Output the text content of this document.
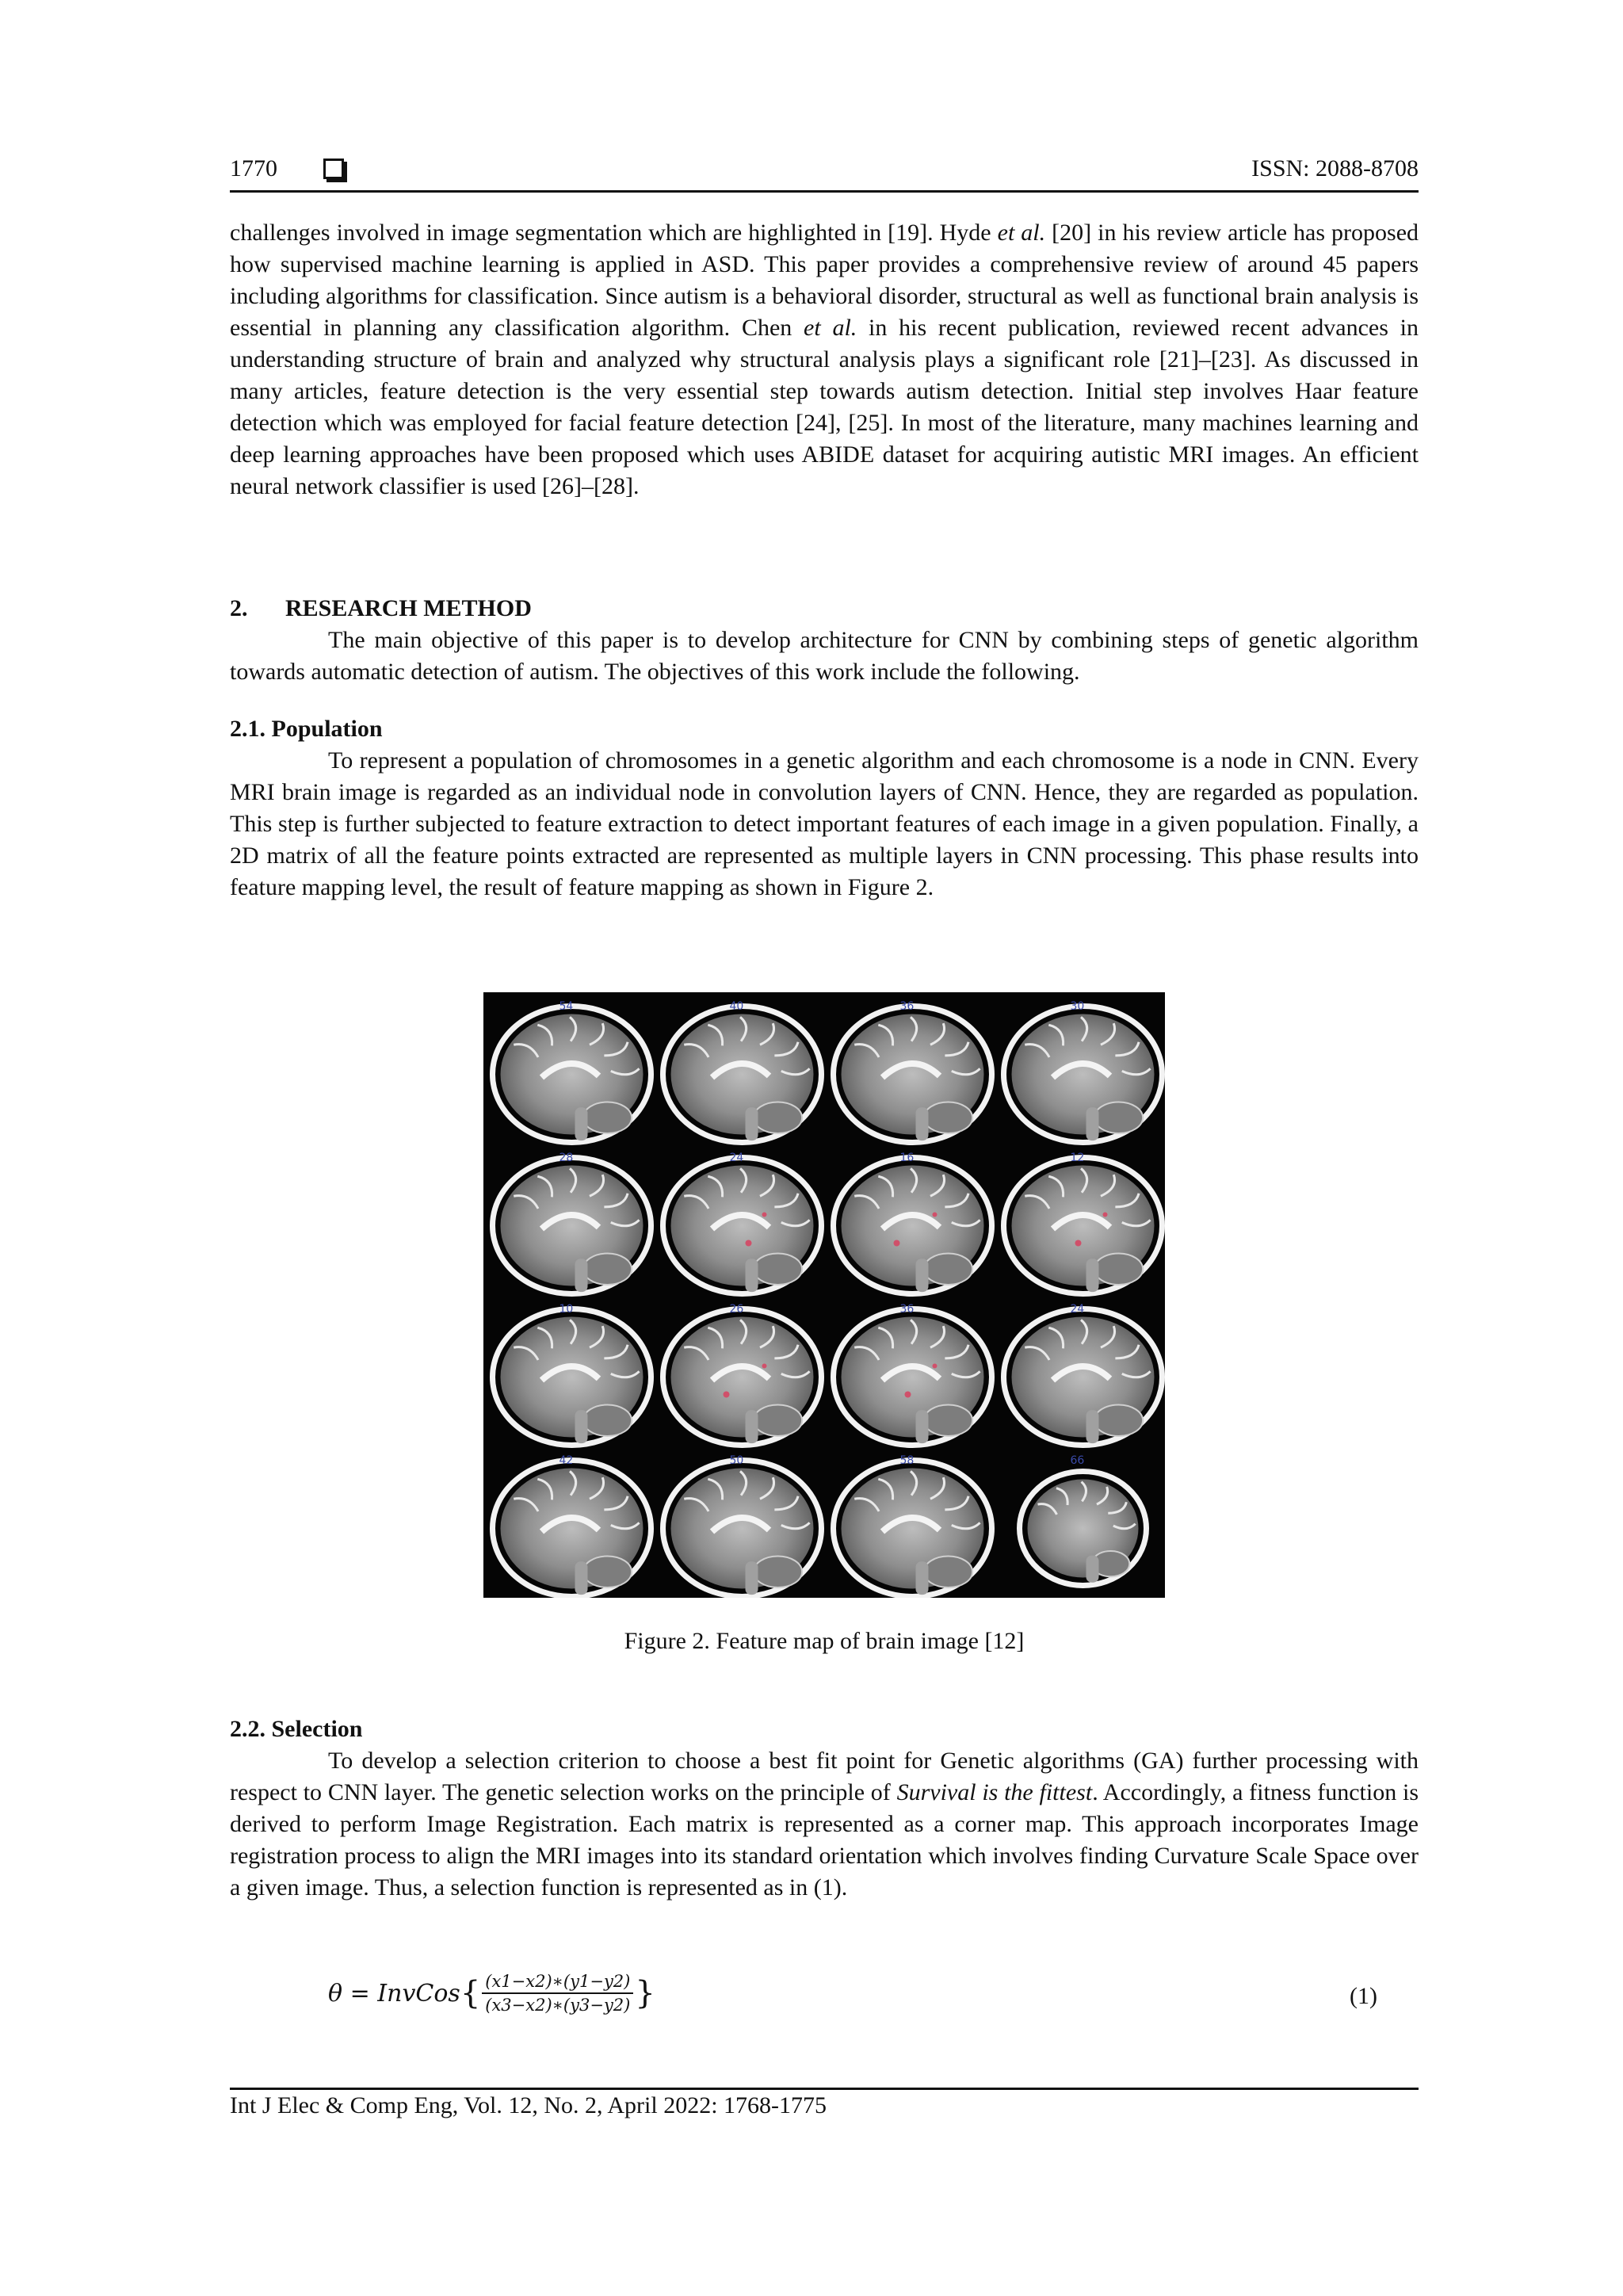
1770	ISSN: 2088-8708
challenges involved in image segmentation which are highlighted in [19]. Hyde et al. [20] in his review article has proposed how supervised machine learning is applied in ASD. This paper provides a comprehensive review of around 45 papers including algorithms for classification. Since autism is a behavioral disorder, structural as well as functional brain analysis is essential in planning any classification algorithm. Chen et al. in his recent publication, reviewed recent advances in understanding structure of brain and analyzed why structural analysis plays a significant role [21]–[23]. As discussed in many articles, feature detection is the very essential step towards autism detection. Initial step involves Haar feature detection which was employed for facial feature detection [24], [25]. In most of the literature, many machines learning and deep learning approaches have been proposed which uses ABIDE dataset for acquiring autistic MRI images. An efficient neural network classifier is used [26]–[28].
2. RESEARCH METHOD
The main objective of this paper is to develop architecture for CNN by combining steps of genetic algorithm towards automatic detection of autism. The objectives of this work include the following.
2.1. Population
To represent a population of chromosomes in a genetic algorithm and each chromosome is a node in CNN. Every MRI brain image is regarded as an individual node in convolution layers of CNN. Hence, they are regarded as population. This step is further subjected to feature extraction to detect important features of each image in a given population. Finally, a 2D matrix of all the feature points extracted are represented as multiple layers in CNN processing. This phase results into feature mapping level, the result of feature mapping as shown in Figure 2.
54	40	36	30
28	24	16	12
10	26	36	24
42	50	58	66
Figure 2. Feature map of brain image [12]
2.2. Selection
To develop a selection criterion to choose a best fit point for Genetic algorithms (GA) further processing with respect to CNN layer. The genetic selection works on the principle of Survival is the fittest. Accordingly, a fitness function is derived to perform Image Registration. Each matrix is represented as a corner map. This approach incorporates Image registration process to align the MRI images into its standard orientation which involves finding Curvature Scale Space over a given image. Thus, a selection function is represented as in (1).
θ = InvCos { $\frac{(x1-x2)∗(y1-y2)}{(x3-x2)∗(y3-y2)}$ }	(1)
Int J Elec & Comp Eng, Vol. 12, No. 2, April 2022: 1768-1775
